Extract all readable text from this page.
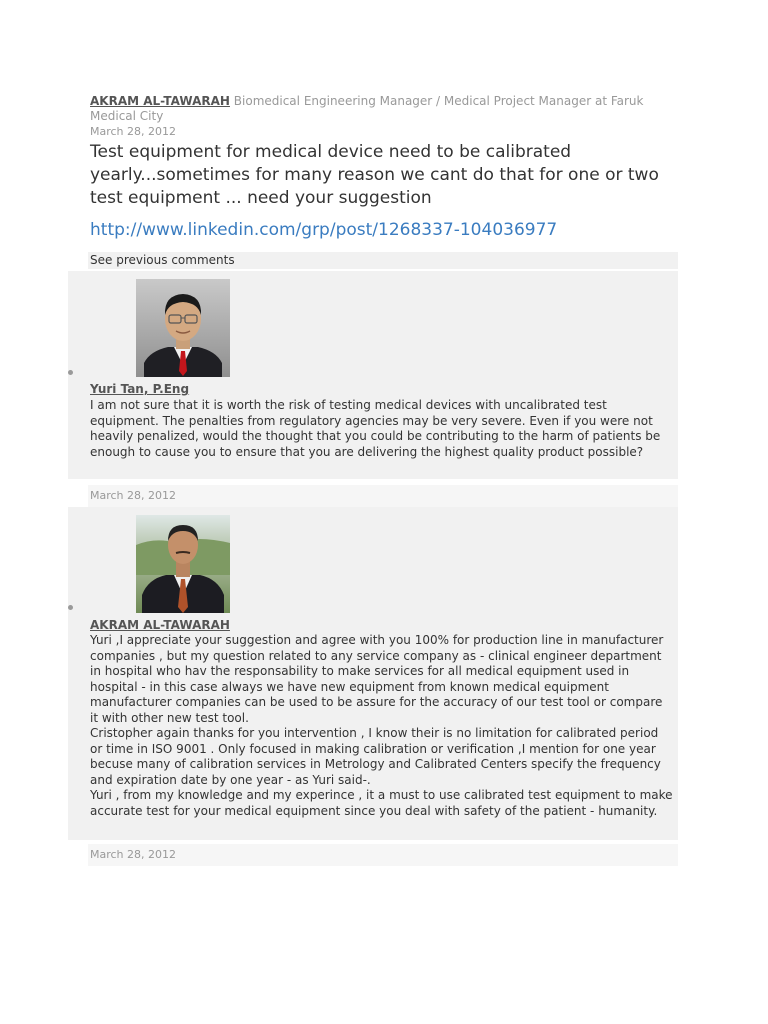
AKRAM AL-TAWARAH Biomedical Engineering Manager / Medical Project Manager at Faruk Medical City
March 28, 2012
Test equipment for medical device need to be calibrated yearly...sometimes for many reason we cant do that for one or two test equipment ... need your suggestion
http://www.linkedin.com/grp/post/1268337-104036977
See previous comments
Yuri Tan, P.Eng

I am not sure that it is worth the risk of testing medical devices with uncalibrated test equipment. The penalties from regulatory agencies may be very severe. Even if you were not heavily penalized, would the thought that you could be contributing to the harm of patients be enough to cause you to ensure that you are delivering the highest quality product possible?

March 28, 2012
AKRAM AL-TAWARAH

Yuri ,I appreciate your suggestion and agree with you 100% for production line in manufacturer companies , but my question related to any service company as - clinical engineer department in hospital who hav the responsability to make services for all medical equipment used in hospital - in this case always we have new equipment from known medical equipment manufacturer companies can be used to be assure for the accuracy of our test tool or compare it with other new test tool.

Cristopher again thanks for you intervention , I know their is no limitation for calibrated period or time in ISO 9001 . Only focused in making calibration or verification ,I mention for one year becuse many of calibration services in Metrology and Calibrated Centers specify the frequency and expiration date by one year - as Yuri said-.

Yuri , from my knowledge and my experince , it a must to use calibrated test equipment to make accurate test for your medical equipment since you deal with safety of the patient - humanity.

March 28, 2012
